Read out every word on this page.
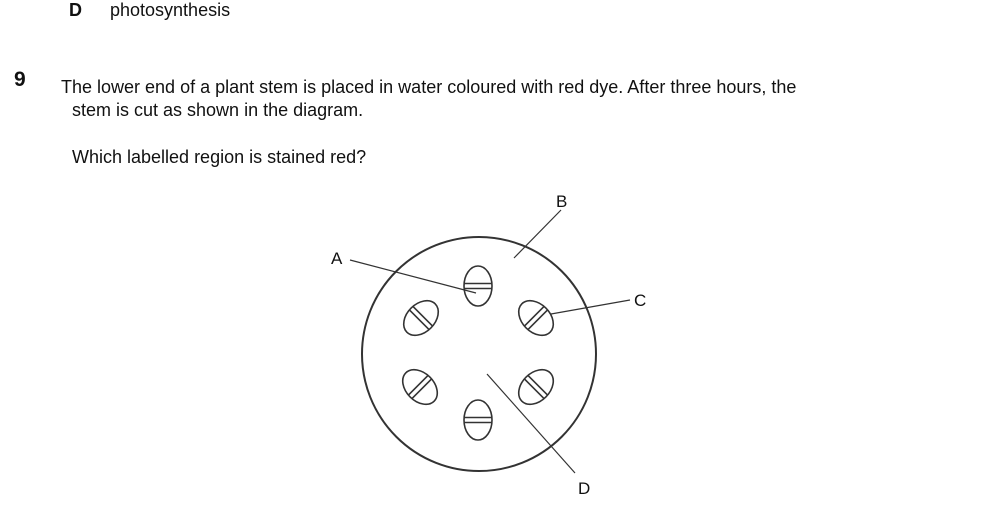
D photosynthesis
9 The lower end of a plant stem is placed in water coloured with red dye. After three hours, the
stem is cut as shown in the diagram.
Which labelled region is stained red?
A
B
C
D
